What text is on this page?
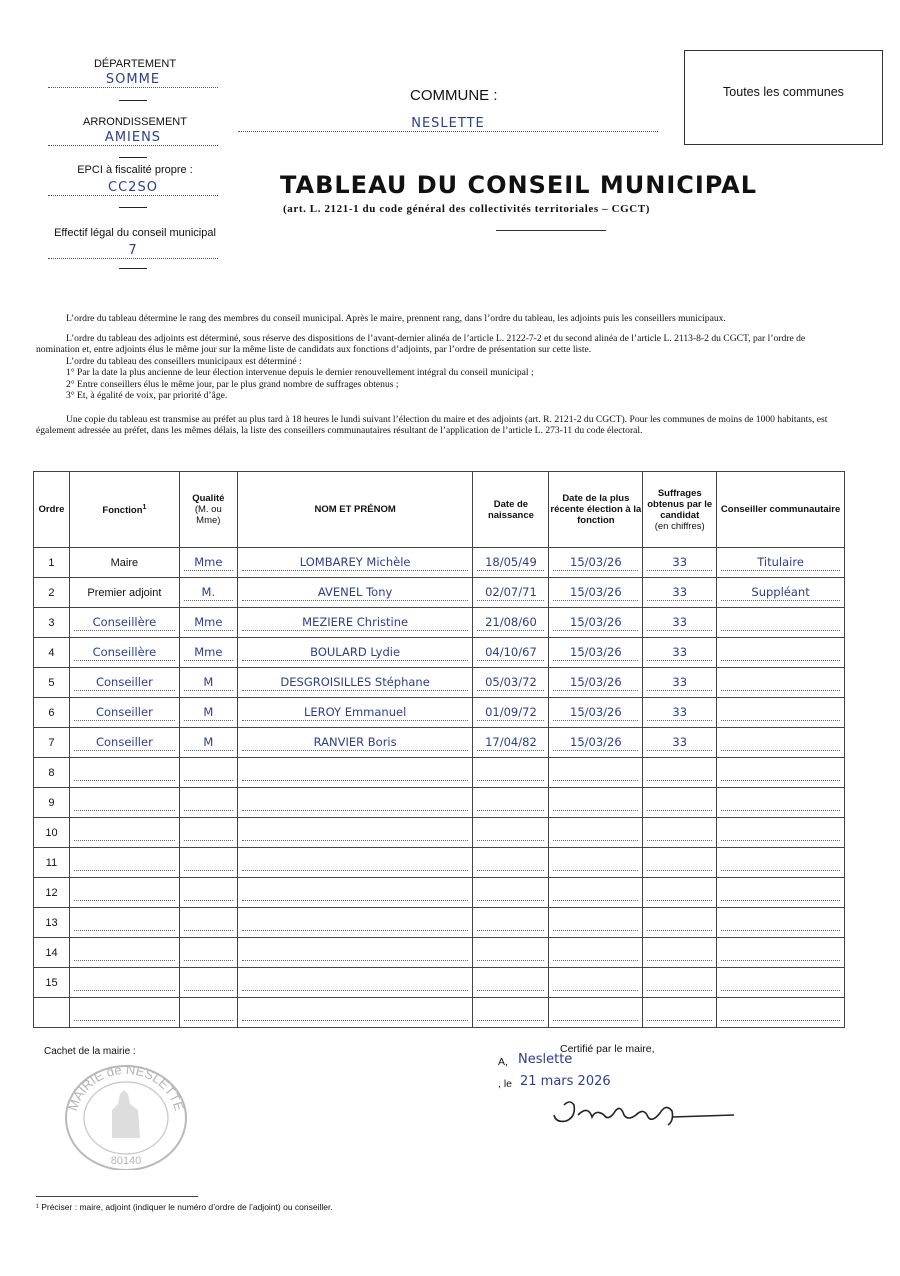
DÉPARTEMENT
SOMME
ARRONDISSEMENT
AMIENS
EPCI à fiscalité propre :
CC2SO
Effectif légal du conseil municipal
7
COMMUNE :
NESLETTE
Toutes les communes
TABLEAU DU CONSEIL MUNICIPAL
(art. L. 2121-1 du code général des collectivités territoriales – CGCT)

L’ordre du tableau détermine le rang des membres du conseil municipal. Après le maire, prennent rang, dans l’ordre du tableau, les adjoints puis les conseillers municipaux.

L’ordre du tableau des adjoints est déterminé, sous réserve des dispositions de l’avant-dernier alinéa de l’article L. 2122-7-2 et du second alinéa de l’article L. 2113-8-2 du CGCT, par l’ordre de nomination et, entre adjoints élus le même jour sur la même liste de candidats aux fonctions d’adjoints, par l’ordre de présentation sur cette liste.

L’ordre du tableau des conseillers municipaux est déterminé :

1° Par la date la plus ancienne de leur élection intervenue depuis le dernier renouvellement intégral du conseil municipal ;

2° Entre conseillers élus le même jour, par le plus grand nombre de suffrages obtenus ;

3° Et, à égalité de voix, par priorité d’âge.

Une copie du tableau est transmise au préfet au plus tard à 18 heures le lundi suivant l’élection du maire et des adjoints (art. R. 2121-2 du CGCT). Pour les communes de moins de 1000 habitants, est également adressée au préfet, dans les mêmes délais, la liste des conseillers communautaires résultant de l’application de l’article L. 273-11 du code électoral.

Ordre	Fonction$^1$	Qualité
(M. ou
Mme)	NOM ET PRÉNOM	Date de naissance	Date de la plus récente élection à la fonction	Suffrages obtenus par le candidat
(en chiffres)	Conseiller communautaire
1	Maire	Mme	LOMBAREY Michèle	18/05/49	15/03/26	33	Titulaire

2	Premier adjoint	M.	AVENEL Tony	02/07/71	15/03/26	33	Suppléant

3	Conseillère	Mme	MEZIERE Christine	21/08/60	15/03/26	33	

4	Conseillère	Mme	BOULARD Lydie	04/10/67	15/03/26	33	

5	Conseiller	M	DESGROISILLES Stéphane	05/03/72	15/03/26	33	

6	Conseiller	M	LEROY Emmanuel	01/09/72	15/03/26	33	

7	Conseiller	M	RANVIER Boris	17/04/82	15/03/26	33	

8	

9	

10	

11	

12	

13	

14	

15	

Cachet de la mairie :
MAIRIE de NESLETTE
80140
Certifié par le maire,
A, Neslette
, le 21 mars 2026
¹ Préciser : maire, adjoint (indiquer le numéro d’ordre de l’adjoint) ou conseiller.
